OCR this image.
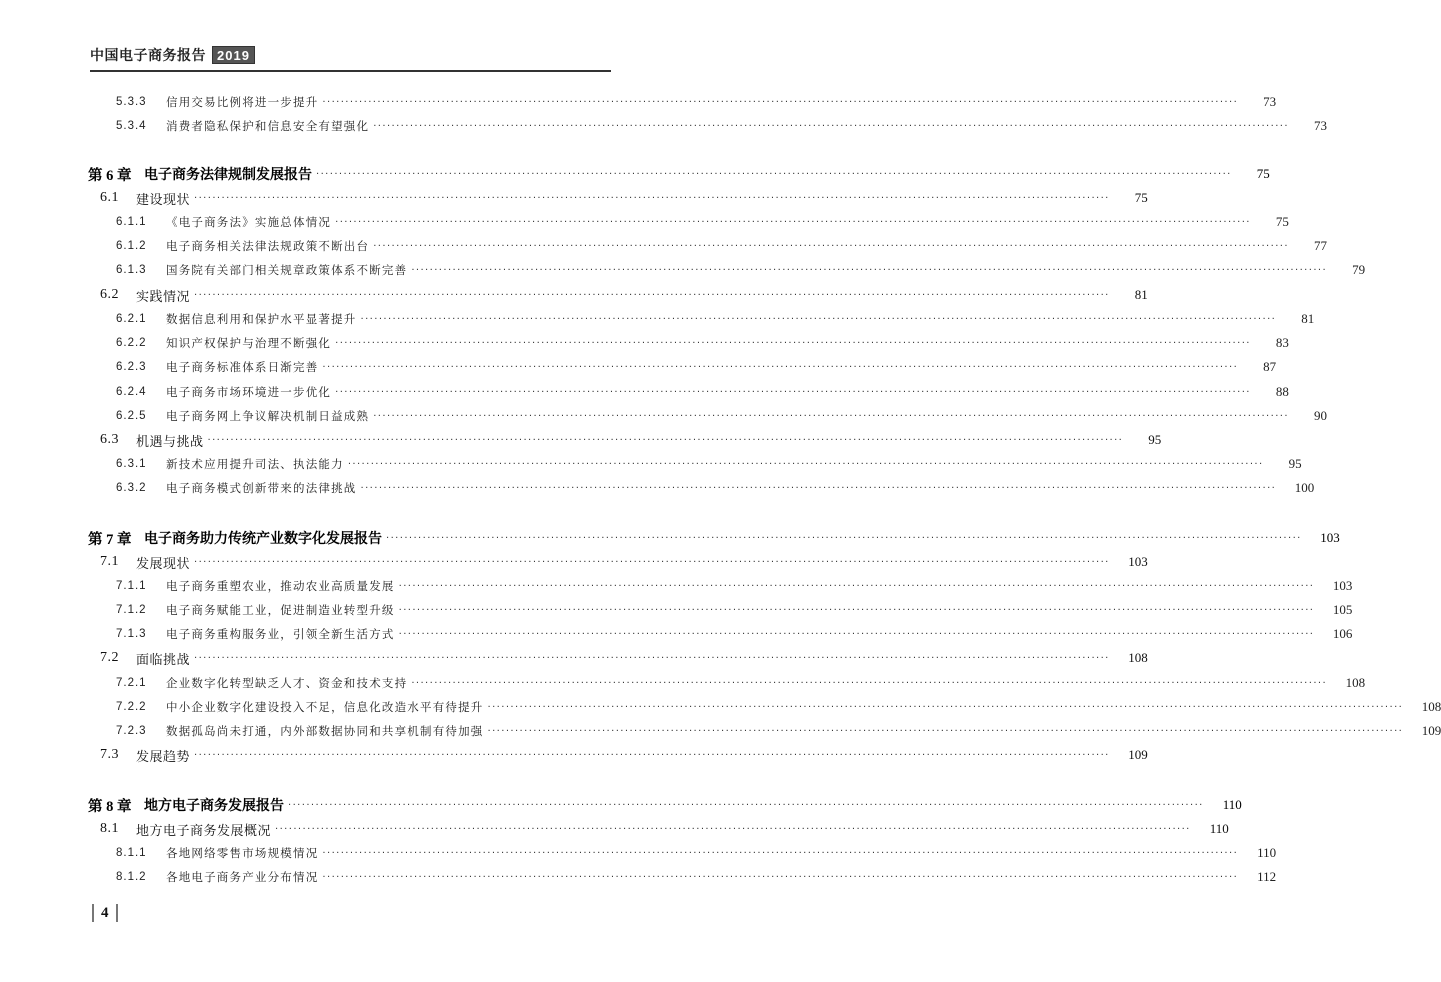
中国电子商务报告 2019
5.3.3	信用交易比例将进一步提升 ········································································································································································································	73
5.3.4	消费者隐私保护和信息安全有望强化 ········································································································································································································	73
第 6 章 电子商务法律规制发展报告 ········································································································································································································	75
6.1	建设现状 ········································································································································································································	75
6.1.1	《电子商务法》实施总体情况 ········································································································································································································	75
6.1.2	电子商务相关法律法规政策不断出台 ········································································································································································································	77
6.1.3	国务院有关部门相关规章政策体系不断完善 ········································································································································································································	79
6.2	实践情况 ········································································································································································································	81
6.2.1	数据信息利用和保护水平显著提升 ········································································································································································································	81
6.2.2	知识产权保护与治理不断强化 ········································································································································································································	83
6.2.3	电子商务标准体系日渐完善 ········································································································································································································	87
6.2.4	电子商务市场环境进一步优化 ········································································································································································································	88
6.2.5	电子商务网上争议解决机制日益成熟 ········································································································································································································	90
6.3	机遇与挑战 ········································································································································································································	95
6.3.1	新技术应用提升司法、执法能力 ········································································································································································································	95
6.3.2	电子商务模式创新带来的法律挑战 ········································································································································································································	100
第 7 章 电子商务助力传统产业数字化发展报告 ········································································································································································································	103
7.1	发展现状 ········································································································································································································	103
7.1.1	电子商务重塑农业，推动农业高质量发展 ········································································································································································································	103
7.1.2	电子商务赋能工业，促进制造业转型升级 ········································································································································································································	105
7.1.3	电子商务重构服务业，引领全新生活方式 ········································································································································································································	106
7.2	面临挑战 ········································································································································································································	108
7.2.1	企业数字化转型缺乏人才、资金和技术支持 ········································································································································································································	108
7.2.2	中小企业数字化建设投入不足，信息化改造水平有待提升 ········································································································································································································	108
7.2.3	数据孤岛尚未打通，内外部数据协同和共享机制有待加强 ········································································································································································································	109
7.3	发展趋势 ········································································································································································································	109
第 8 章 地方电子商务发展报告 ········································································································································································································	110
8.1	地方电子商务发展概况 ········································································································································································································	110
8.1.1	各地网络零售市场规模情况 ········································································································································································································	110
8.1.2	各地电子商务产业分布情况 ········································································································································································································	112
4
